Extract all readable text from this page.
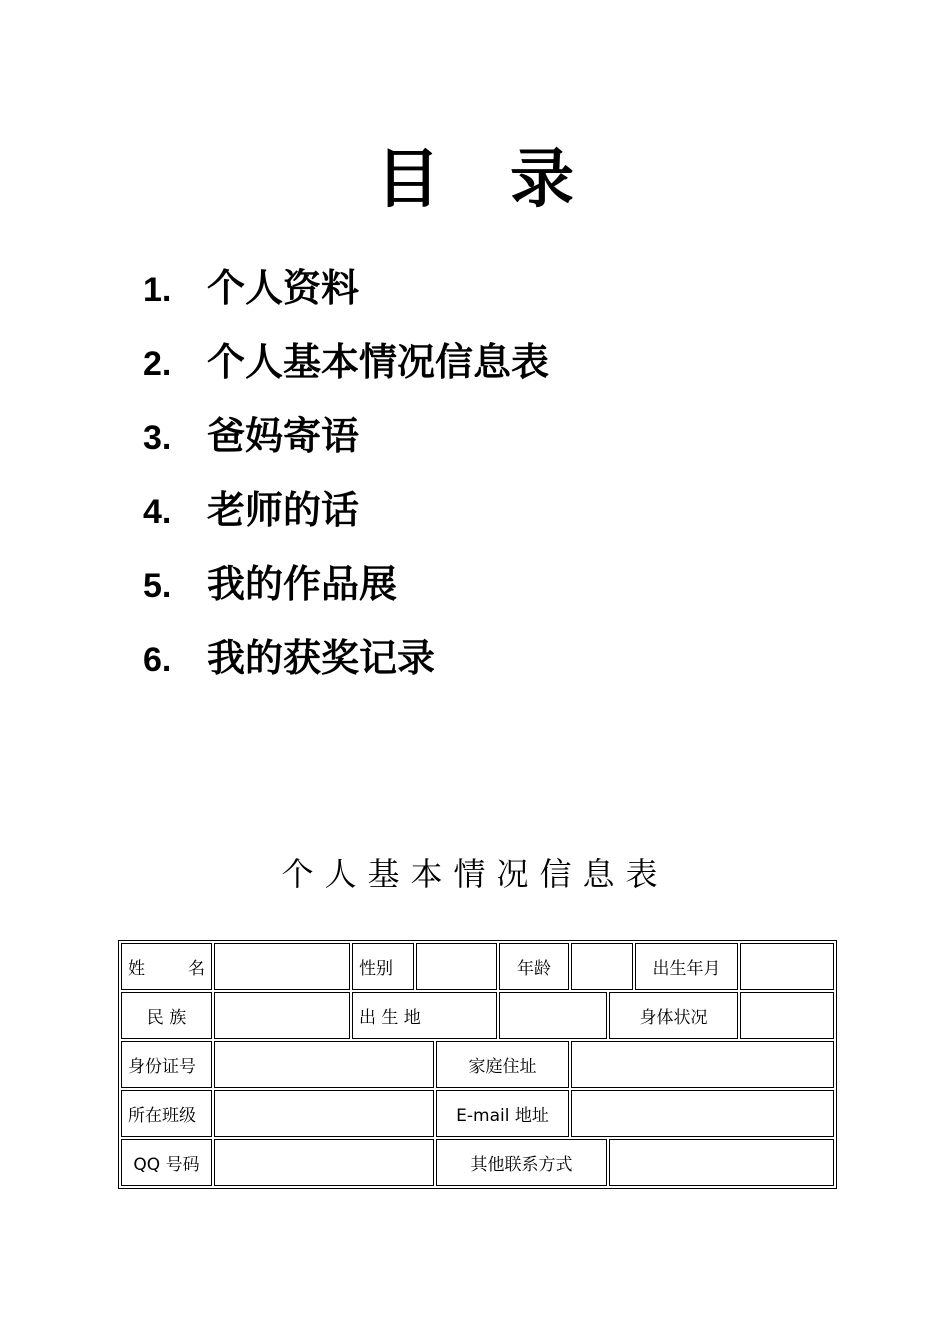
目 录
1. 个人资料
2. 个人基本情况信息表
3. 爸妈寄语
4. 老师的话
5. 我的作品展
6. 我的获奖记录
个人基本情况信息表
姓 名		性别			年龄			出生年月	
民 族		出 生 地					身体状况		
身份证号				家庭住址					
所在班级				E-mail 地址					
QQ 号码				其他联系方式					
